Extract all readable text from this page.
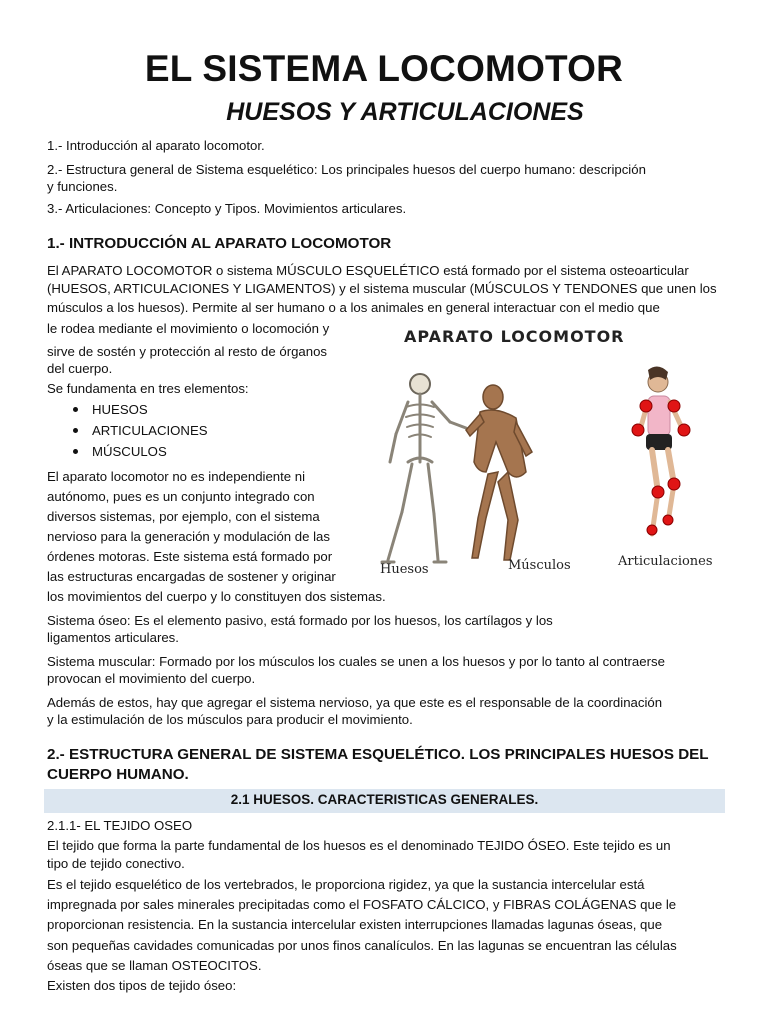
EL SISTEMA LOCOMOTOR
HUESOS Y ARTICULACIONES

1.- Introducción al aparato locomotor.

2.- Estructura general de Sistema esquelético: Los principales huesos del cuerpo humano: descripción

y funciones.

3.- Articulaciones: Concepto y Tipos. Movimientos articulares.

1.- INTRODUCCIÓN AL APARATO LOCOMOTOR

El APARATO LOCOMOTOR o sistema MÚSCULO ESQUELÉTICO está formado por el sistema osteoarticular

(HUESOS, ARTICULACIONES Y LIGAMENTOS) y el sistema muscular (MÚSCULOS Y TENDONES que unen los

músculos a los huesos). Permite al ser humano o a los animales en general interactuar con el medio que

le rodea mediante el movimiento o locomoción y

sirve de sostén y protección al resto de órganos

del cuerpo.

Se fundamenta en tres elementos:

HUESOS
ARTICULACIONES
MÚSCULOS

El aparato locomotor no es independiente ni

autónomo, pues es un conjunto integrado con

diversos sistemas, por ejemplo, con el sistema

nervioso para la generación y modulación de las

órdenes motoras. Este sistema está formado por

las estructuras encargadas de sostener y originar

los movimientos del cuerpo y lo constituyen dos sistemas.

Sistema óseo: Es el elemento pasivo, está formado por los huesos, los cartílagos y los

ligamentos articulares.

Sistema muscular: Formado por los músculos los cuales se unen a los huesos y por lo tanto al contraerse

provocan el movimiento del cuerpo.

Además de estos, hay que agregar el sistema nervioso, ya que este es el responsable de la coordinación

y la estimulación de los músculos para producir el movimiento.

APARATO LOCOMOTOR
Huesos	Músculos	Articulaciones

2.- ESTRUCTURA GENERAL DE SISTEMA ESQUELÉTICO. LOS PRINCIPALES HUESOS DEL

CUERPO HUMANO.

2.1 HUESOS. CARACTERISTICAS GENERALES.

2.1.1- EL TEJIDO OSEO

El tejido que forma la parte fundamental de los huesos es el denominado TEJIDO ÓSEO. Este tejido es un

tipo de tejido conectivo.

Es el tejido esquelético de los vertebrados, le proporciona rigidez, ya que la sustancia intercelular está

impregnada por sales minerales precipitadas como el FOSFATO CÁLCICO, y FIBRAS COLÁGENAS que le

proporcionan resistencia. En la sustancia intercelular existen interrupciones llamadas lagunas óseas, que

son pequeñas cavidades comunicadas por unos finos canalículos. En las lagunas se encuentran las células

óseas que se llaman OSTEOCITOS.

Existen dos tipos de tejido óseo:
